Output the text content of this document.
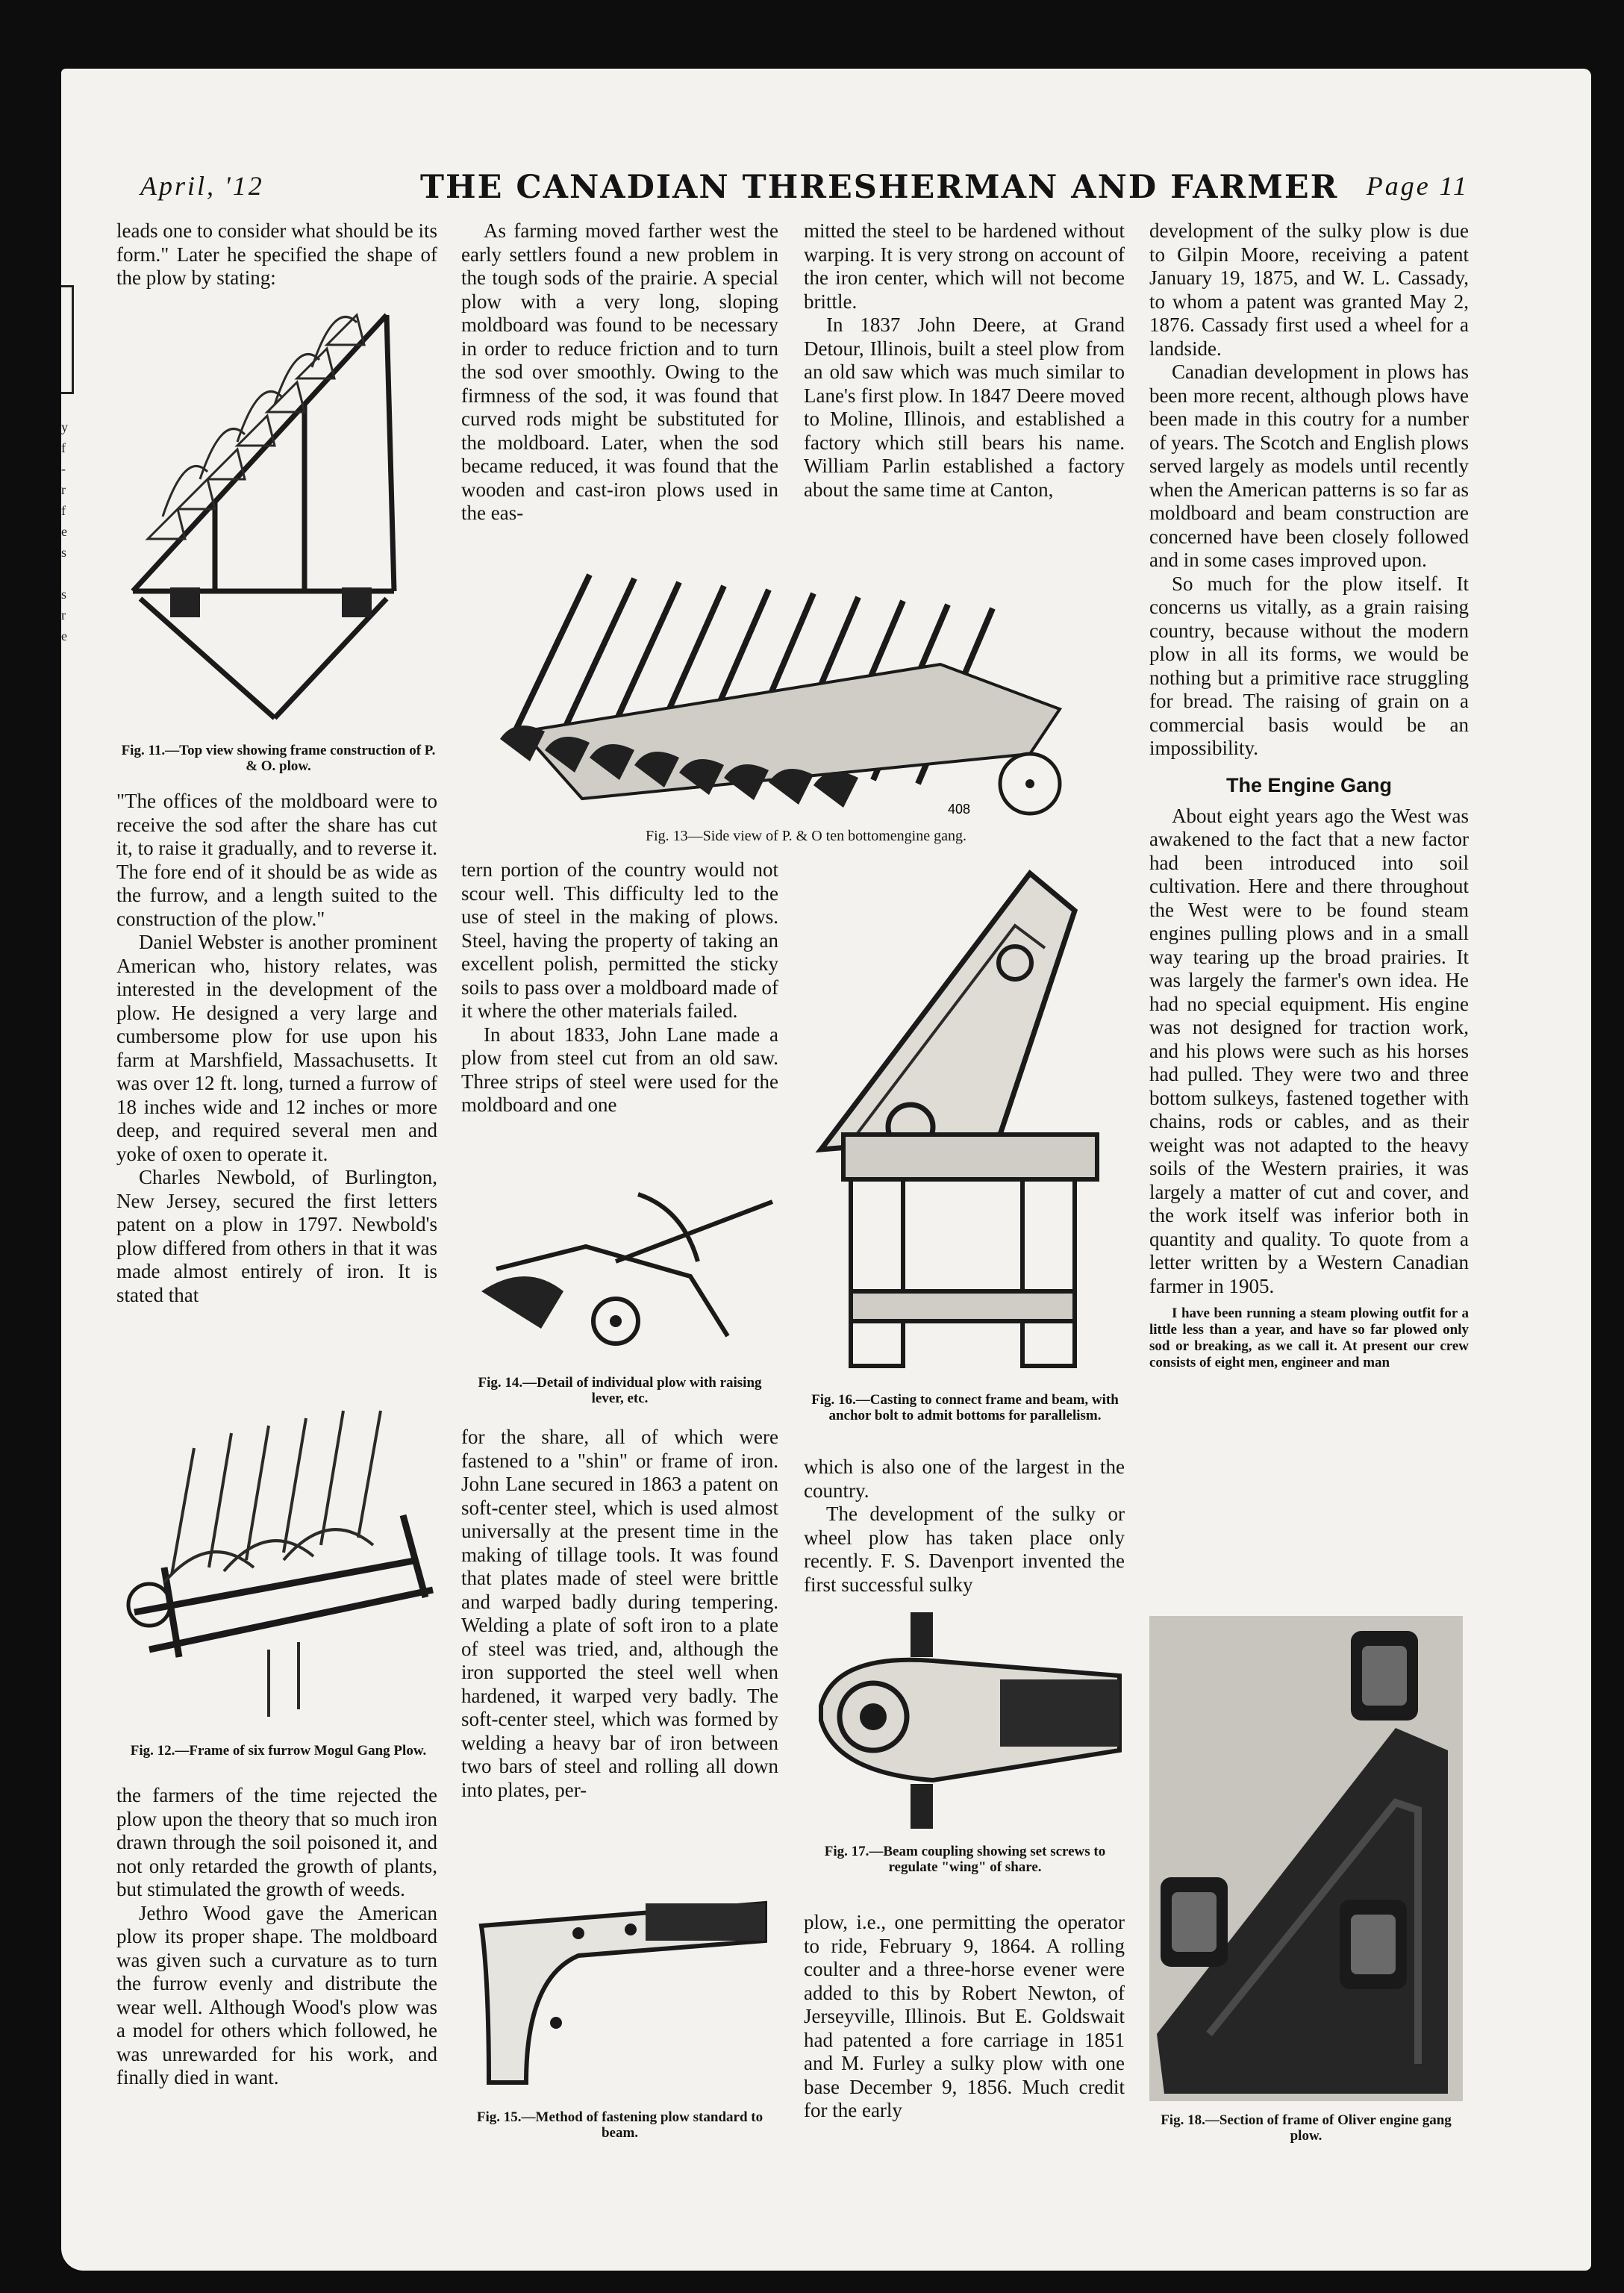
y
f
-
r
f
e
s
s
r
e
April, '12	THE CANADIAN THRESHERMAN AND FARMER Page 11

leads one to consider what should be its form." Later he specified the shape of the plow by stating:

Fig. 11.—Top view showing frame construction of P. & O. plow.

"The offices of the moldboard were to receive the sod after the share has cut it, to raise it gradually, and to reverse it. The fore end of it should be as wide as the furrow, and a length suited to the construction of the plow."

Daniel Webster is another prominent American who, history relates, was interested in the development of the plow. He designed a very large and cumbersome plow for use upon his farm at Marshfield, Massachusetts. It was over 12 ft. long, turned a furrow of 18 inches wide and 12 inches or more deep, and required several men and yoke of oxen to operate it.

Charles Newbold, of Burlington, New Jersey, secured the first letters patent on a plow in 1797. Newbold's plow differed from others in that it was made almost entirely of iron. It is stated that

Fig. 12.—Frame of six furrow Mogul Gang Plow.

the farmers of the time rejected the plow upon the theory that so much iron drawn through the soil poisoned it, and not only retarded the growth of plants, but stimulated the growth of weeds.

Jethro Wood gave the American plow its proper shape. The moldboard was given such a curvature as to turn the furrow evenly and distribute the wear well. Although Wood's plow was a model for others which followed, he was unrewarded for his work, and finally died in want.

As farming moved farther west the early settlers found a new problem in the tough sods of the prairie. A special plow with a very long, sloping moldboard was found to be necessary in order to reduce friction and to turn the sod over smoothly. Owing to the firmness of the sod, it was found that curved rods might be substituted for the moldboard. Later, when the sod became reduced, it was found that the wooden and cast-iron plows used in the eas-

mitted the steel to be hardened without warping. It is very strong on account of the iron center, which will not become brittle.

In 1837 John Deere, at Grand Detour, Illinois, built a steel plow from an old saw which was much similar to Lane's first plow. In 1847 Deere moved to Moline, Illinois, and established a factory which still bears his name. William Parlin established a factory about the same time at Canton,

408
Fig. 13—Side view of P. & O ten bottomengine gang.

tern portion of the country would not scour well. This difficulty led to the use of steel in the making of plows. Steel, having the property of taking an excellent polish, permitted the sticky soils to pass over a moldboard made of it where the other materials failed.

In about 1833, John Lane made a plow from steel cut from an old saw. Three strips of steel were used for the moldboard and one

Fig. 14.—Detail of individual plow with raising lever, etc.

for the share, all of which were fastened to a "shin" or frame of iron. John Lane secured in 1863 a patent on soft-center steel, which is used almost universally at the present time in the making of tillage tools. It was found that plates made of steel were brittle and warped badly during tempering. Welding a plate of soft iron to a plate of steel was tried, and, although the iron supported the steel well when hardened, it warped very badly. The soft-center steel, which was formed by welding a heavy bar of iron between two bars of steel and rolling all down into plates, per-

Fig. 15.—Method of fastening plow standard to beam.
Fig. 16.—Casting to connect frame and beam, with anchor bolt to admit bottoms for parallelism.

which is also one of the largest in the country.

The development of the sulky or wheel plow has taken place only recently. F. S. Davenport invented the first successful sulky

Fig. 17.—Beam coupling showing set screws to regulate "wing" of share.

plow, i.e., one permitting the operator to ride, February 9, 1864. A rolling coulter and a three-horse evener were added to this by Robert Newton, of Jerseyville, Illinois. But E. Goldswait had patented a fore carriage in 1851 and M. Furley a sulky plow with one base December 9, 1856. Much credit for the early

development of the sulky plow is due to Gilpin Moore, receiving a patent January 19, 1875, and W. L. Cassady, to whom a patent was granted May 2, 1876. Cassady first used a wheel for a landside.

Canadian development in plows has been more recent, although plows have been made in this coutry for a number of years. The Scotch and English plows served largely as models until recently when the American patterns is so far as moldboard and beam construction are concerned have been closely followed and in some cases improved upon.

So much for the plow itself. It concerns us vitally, as a grain raising country, because without the modern plow in all its forms, we would be nothing but a primitive race struggling for bread. The raising of grain on a commercial basis would be an impossibility.

The Engine Gang

About eight years ago the West was awakened to the fact that a new factor had been introduced into soil cultivation. Here and there throughout the West were to be found steam engines pulling plows and in a small way tearing up the broad prairies. It was largely the farmer's own idea. He had no special equipment. His engine was not designed for traction work, and his plows were such as his horses had pulled. They were two and three bottom sulkeys, fastened together with chains, rods or cables, and as their weight was not adapted to the heavy soils of the Western prairies, it was largely a matter of cut and cover, and the work itself was inferior both in quantity and quality. To quote from a letter written by a Western Canadian farmer in 1905.

I have been running a steam plowing outfit for a little less than a year, and have so far plowed only sod or breaking, as we call it. At present our crew consists of eight men, engineer and man

Fig. 18.—Section of frame of Oliver engine gang plow.
